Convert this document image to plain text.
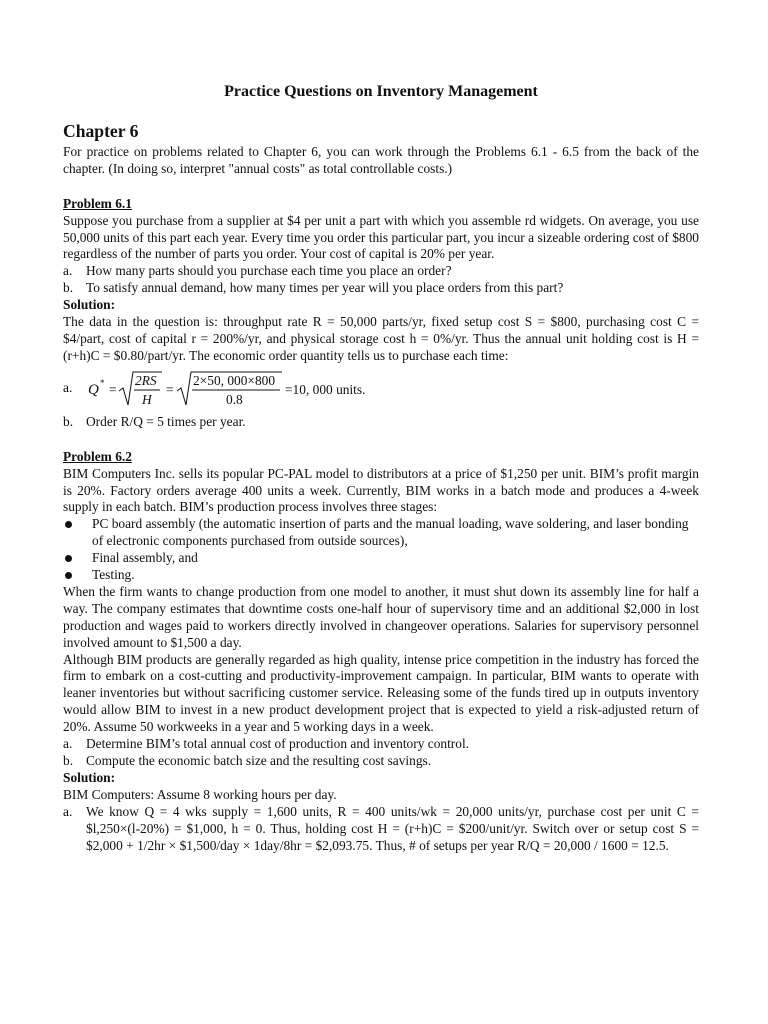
Practice Questions on Inventory Management
Chapter 6

For practice on problems related to Chapter 6, you can work through the Problems 6.1 - 6.5 from the back of the chapter. (In doing so, interpret "annual costs" as total controllable costs.)

Problem 6.1

Suppose you purchase from a supplier at $4 per unit a part with which you assemble rd widgets. On average, you use 50,000 units of this part each year. Every time you order this particular part, you incur a sizeable ordering cost of $800 regardless of the number of parts you order. Your cost of capital is 20% per year.

a.	How many parts should you purchase each time you place an order?
b. To satisfy annual demand, how many times per year will you place orders from this part?
Solution:

The data in the question is: throughput rate R = 50,000 parts/yr, fixed setup cost S = $800, purchasing cost C = $4/part, cost of capital r = 200%/yr, and physical storage cost h = 0%/yr. Thus the annual unit holding cost is H = (r+h)C = $0.80/part/yr. The economic order quantity tells us to purchase each time:

a.	Q * =
2RS
H
=
2×50, 000×800
0.8
=10, 000 units.
b. Order R/Q = 5 times per year.
Problem 6.2

BIM Computers Inc. sells its popular PC-PAL model to distributors at a price of $1,250 per unit. BIM’s profit margin is 20%. Factory orders average 400 units a week. Currently, BIM works in a batch mode and produces a 4-week supply in each batch. BIM’s production process involves three stages:

PC board assembly (the automatic insertion of parts and the manual loading, wave soldering, and laser bonding of electronic components purchased from outside sources),
Final assembly, and
Testing.

When the firm wants to change production from one model to another, it must shut down its assembly line for half a way. The company estimates that downtime costs one-half hour of supervisory time and an additional $2,000 in lost production and wages paid to workers directly involved in changeover operations. Salaries for supervisory personnel involved amount to $1,500 a day.

Although BIM products are generally regarded as high quality, intense price competition in the industry has forced the firm to embark on a cost-cutting and productivity-improvement campaign. In particular, BIM wants to operate with leaner inventories but without sacrificing customer service. Releasing some of the funds tired up in outputs inventory would allow BIM to invest in a new product development project that is expected to yield a risk-adjusted return of 20%. Assume 50 workweeks in a year and 5 working days in a week.

a.	Determine BIM’s total annual cost of production and inventory control.
b. Compute the economic batch size and the resulting cost savings.
Solution:

BIM Computers: Assume 8 working hours per day.

a.	We know Q = 4 wks supply = 1,600 units, R = 400 units/wk = 20,000 units/yr, purchase cost per unit C = $l,250×(l-20%) = $1,000, h = 0. Thus, holding cost H = (r+h)C = $200/unit/yr. Switch over or setup cost S = $2,000 + 1/2hr × $1,500/day × 1day/8hr = $2,093.75. Thus, # of setups per year R/Q = 20,000 / 1600 = 12.5.
